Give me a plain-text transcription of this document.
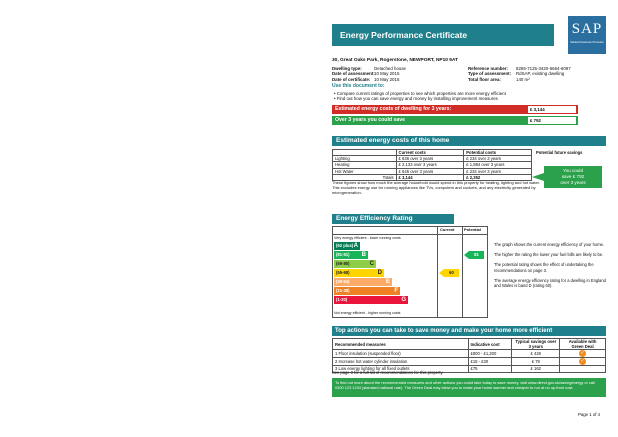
Energy Performance Certificate	SAP
Standard Assessment Procedure
30, Great Oaks Park, Rogerstone, NEWPORT, NP10 9AT
Dwelling type:	Detached house
Date of assessment:10 May 2015
Date of certificate: 10 May 2015
Reference number: 8265-7125-3420-6664-6097
Type of assessment: RdSAP, existing dwelling
Total floor area:	140 m²
Use this document to:
• Compare current ratings of properties to see which properties are more energy efficient
• Find out how you can save energy and money by installing improvement measures
Estimated energy costs of dwelling for 3 years:	£ 3,144
Over 3 years you could save	£ 792
Estimated energy costs of this home
	Current costs	Potential costs
Lighting	£ 636 over 3 years	£ 234 over 3 years
Heating	£ 2,133 over 3 years	£ 1,884 over 3 years
Hot Water	£ 645 over 3 years	£ 234 over 3 years
Totals	£ 3,144	£ 2,352
Potential future savings
You could
save £ 792
over 3 years
These figures show how much the average household would spend in this property for heating, lighting and hot water. This excludes energy use for running appliances like TVs, computers and cookers, and any electricity generated by microgeneration.
Energy Efficiency Rating
Current Potential
Very energy efficient - lower running costs
Not energy efficient - higher running costs
The graph shows the current energy efficiency of your home.
The higher the rating the lower your fuel bills are likely to be.
The potential rating shows the effect of undertaking the recommendations on page 3.
The average energy efficiency rating for a dwelling in England and Wales is band D (rating 60).
Top actions you can take to save money and make your home more efficient
Recommended measures	Indicative cost	Typical savings over 3 years	Available with Green Deal
1 Floor insulation (suspended floor)	£800 - £1,200	£ 426	✓
2 Increase hot water cylinder insulation	£15 - £30	£ 78	✓
3 Low energy lighting for all fixed outlets	£75	£ 162	
See page 3 for a full list of recommendations for this property.
To find out more about the recommended measures and other actions you could take today to save money, visit www.direct.gov.uk/savingenergy or call 0300 123 1234 (standard national rate). The Green Deal may allow you to make your home warmer and cheaper to run at no up-front cost.
Page 1 of 4
(92 plus) A
(81-91) B
(69-80)	C
(55-68)	D
(39-54)	E
(21-38)	F
(1-20)	G
60
81
